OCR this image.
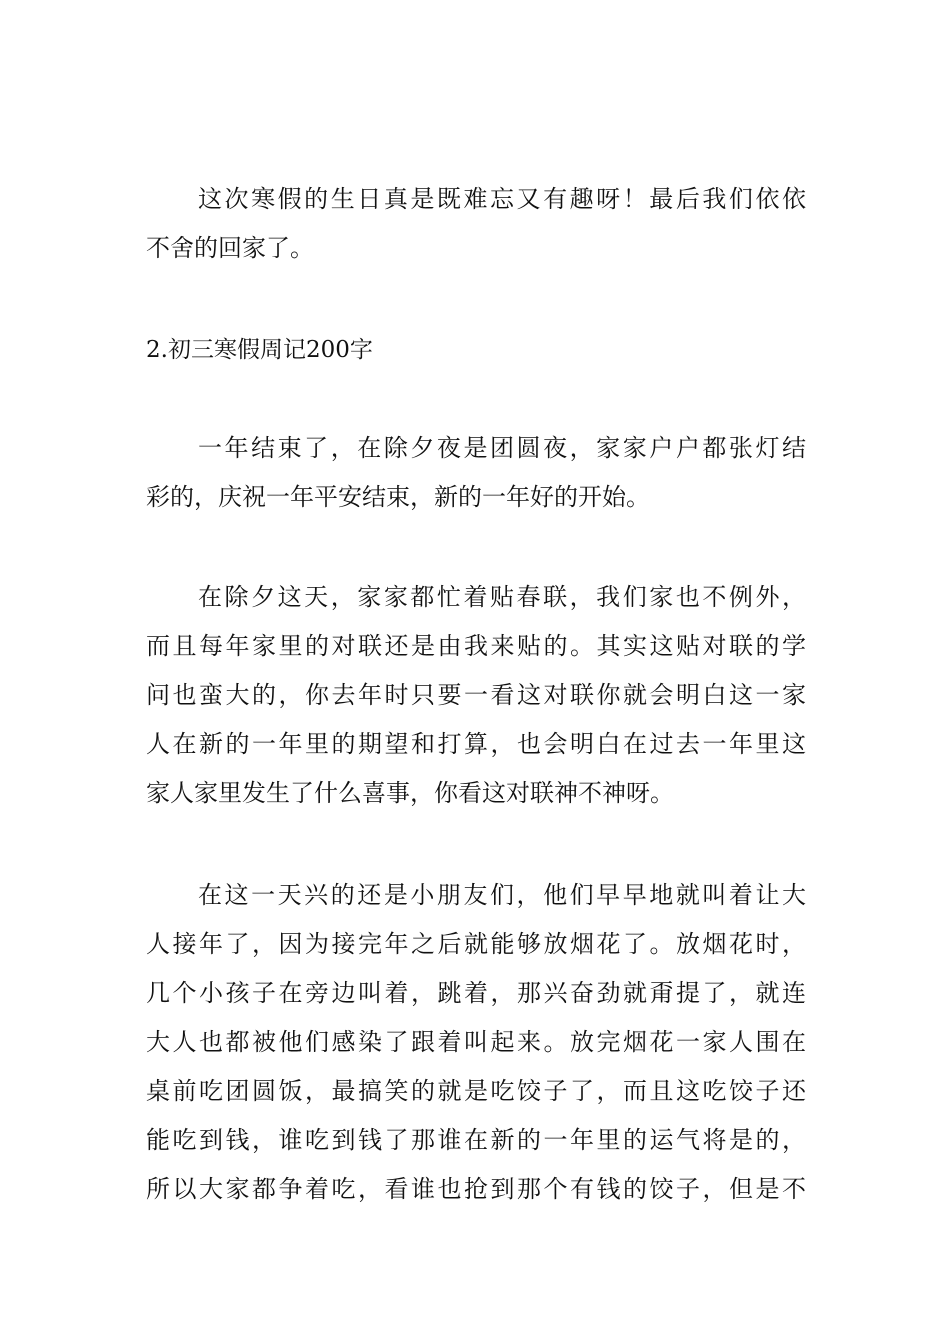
这次寒假的生日真是既难忘又有趣呀！最后我们依依
不舍的回家了。

2.初三寒假周记200字

一年结束了，在除夕夜是团圆夜，家家户户都张灯结
彩的，庆祝一年平安结束，新的一年好的开始。

在除夕这天，家家都忙着贴春联，我们家也不例外，
而且每年家里的对联还是由我来贴的。其实这贴对联的学
问也蛮大的，你去年时只要一看这对联你就会明白这一家
人在新的一年里的期望和打算，也会明白在过去一年里这
家人家里发生了什么喜事，你看这对联神不神呀。

在这一天兴的还是小朋友们，他们早早地就叫着让大
人接年了，因为接完年之后就能够放烟花了。放烟花时，
几个小孩子在旁边叫着，跳着，那兴奋劲就甭提了，就连
大人也都被他们感染了跟着叫起来。放完烟花一家人围在
桌前吃团圆饭，最搞笑的就是吃饺子了，而且这吃饺子还
能吃到钱，谁吃到钱了那谁在新的一年里的运气将是的，
所以大家都争着吃，看谁也抢到那个有钱的饺子，但是不
